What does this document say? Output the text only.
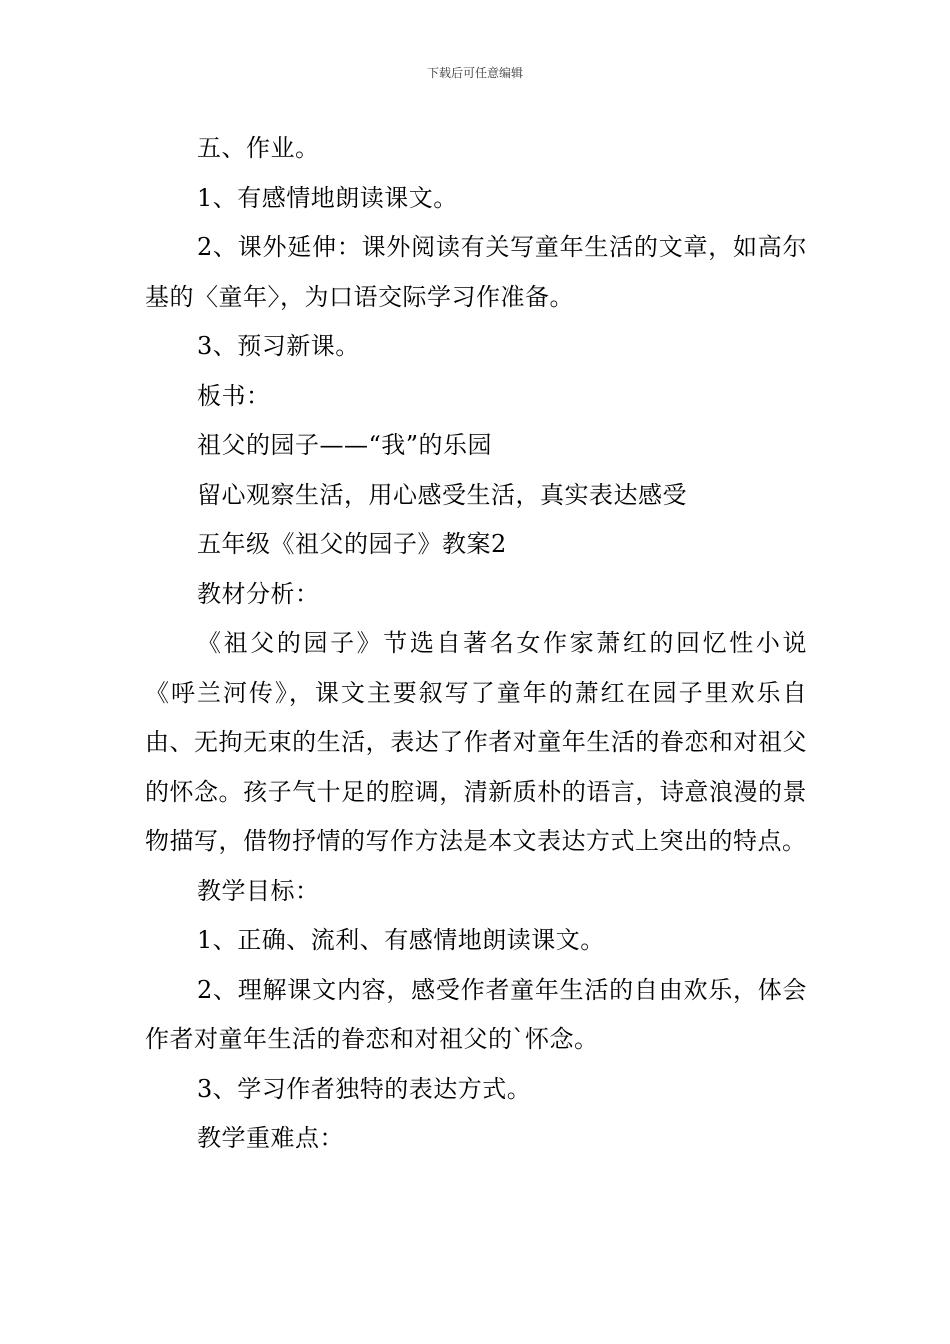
下载后可任意编辑

五、作业。

1、有感情地朗读课文。

2、课外延伸：课外阅读有关写童年生活的文章，如高尔基的〈童年〉，为口语交际学习作准备。

3、预习新课。

板书：

祖父的园子——“我”的乐园

留心观察生活，用心感受生活，真实表达感受

五年级《祖父的园子》教案2

教材分析：

《祖父的园子》节选自著名女作家萧红的回忆性小说《呼兰河传》，课文主要叙写了童年的萧红在园子里欢乐自由、无拘无束的生活，表达了作者对童年生活的眷恋和对祖父的怀念。孩子气十足的腔调，清新质朴的语言，诗意浪漫的景物描写，借物抒情的写作方法是本文表达方式上突出的特点。

教学目标：

1、正确、流利、有感情地朗读课文。

2、理解课文内容，感受作者童年生活的自由欢乐，体会作者对童年生活的眷恋和对祖父的`怀念。

3、学习作者独特的表达方式。

教学重难点：
